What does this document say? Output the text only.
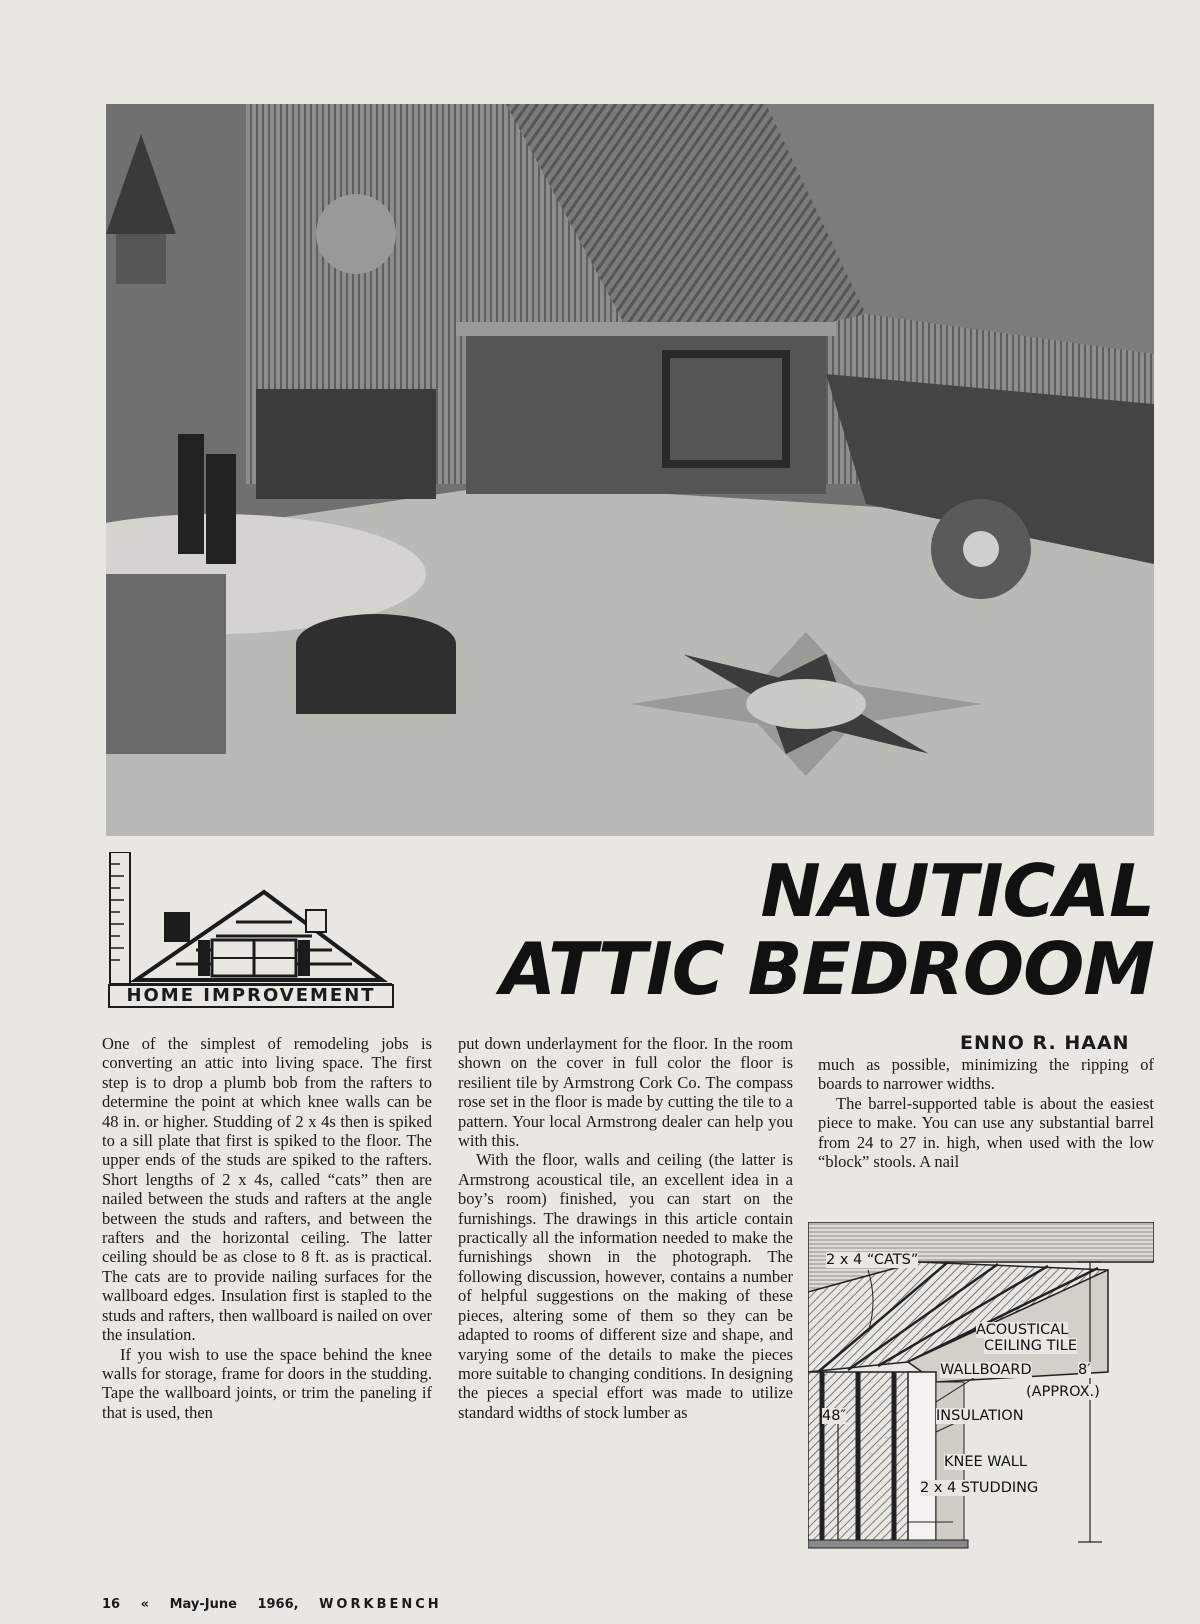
HOME IMPROVEMENT
NAUTICAL
ATTIC BEDROOM
ENNO R. HAAN

One of the simplest of remodeling jobs is converting an attic into living space. The first step is to drop a plumb bob from the rafters to determine the point at which knee walls can be 48 in. or higher. Studding of 2 x 4s then is spiked to a sill plate that first is spiked to the floor. The upper ends of the studs are spiked to the rafters. Short lengths of 2 x 4s, called “cats” then are nailed between the studs and rafters at the angle between the studs and rafters, and between the rafters and the horizontal ceiling. The latter ceiling should be as close to 8 ft. as is practical. The cats are to provide nailing surfaces for the wallboard edges. Insulation first is stapled to the studs and rafters, then wallboard is nailed on over the insulation.

If you wish to use the space behind the knee walls for storage, frame for doors in the studding. Tape the wallboard joints, or trim the paneling if that is used, then

put down underlayment for the floor. In the room shown on the cover in full color the floor is resilient tile by Armstrong Cork Co. The compass rose set in the floor is made by cutting the tile to a pattern. Your local Armstrong dealer can help you with this.

With the floor, walls and ceiling (the latter is Armstrong acoustical tile, an excellent idea in a boy’s room) finished, you can start on the furnishings. The drawings in this article contain practically all the information needed to make the furnishings shown in the photograph. The following discussion, however, contains a number of helpful suggestions on the making of these pieces, altering some of them so they can be adapted to rooms of different size and shape, and varying some of the details to make the pieces more suitable to changing conditions. In designing the pieces a special effort was made to utilize standard widths of stock lumber as

much as possible, minimizing the ripping of boards to narrower widths.

The barrel-supported table is about the easiest piece to make. You can use any substantial barrel from 24 to 27 in. high, when used with the low “block” stools. A nail

2 x 4 “CATS”
ACOUSTICAL
CEILING TILE
WALLBOARD	8′
(APPROX.)
48″	INSULATION
KNEE WALL
2 x 4 STUDDING
16 « May-June 1966, WORKBENCH
